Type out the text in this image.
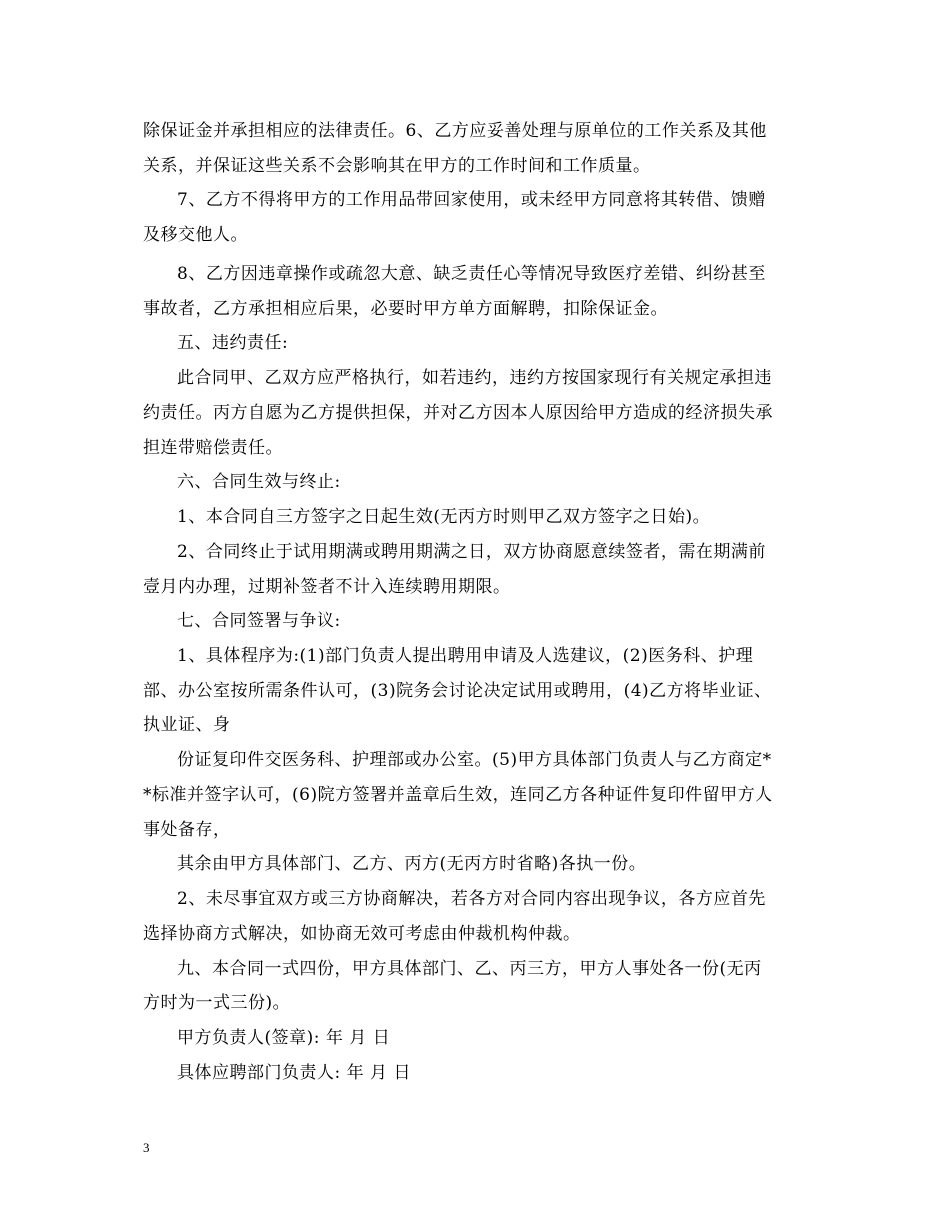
除保证金并承担相应的法律责任。6、乙方应妥善处理与原单位的工作关系及其他
关系，并保证这些关系不会影响其在甲方的工作时间和工作质量。
7、乙方不得将甲方的工作用品带回家使用，或未经甲方同意将其转借、馈赠
及移交他人。
8、乙方因违章操作或疏忽大意、缺乏责任心等情况导致医疗差错、纠纷甚至
事故者，乙方承担相应后果，必要时甲方单方面解聘，扣除保证金。
五、违约责任:
此合同甲、乙双方应严格执行，如若违约，违约方按国家现行有关规定承担违
约责任。丙方自愿为乙方提供担保，并对乙方因本人原因给甲方造成的经济损失承
担连带赔偿责任。
六、合同生效与终止:
1、本合同自三方签字之日起生效(无丙方时则甲乙双方签字之日始)。
2、合同终止于试用期满或聘用期满之日，双方协商愿意续签者，需在期满前
壹月内办理，过期补签者不计入连续聘用期限。
七、合同签署与争议:
1、具体程序为:(1)部门负责人提出聘用申请及人选建议，(2)医务科、护理
部、办公室按所需条件认可，(3)院务会讨论决定试用或聘用，(4)乙方将毕业证、
执业证、身
份证复印件交医务科、护理部或办公室。(5)甲方具体部门负责人与乙方商定*
*标准并签字认可，(6)院方签署并盖章后生效，连同乙方各种证件复印件留甲方人
事处备存，
其余由甲方具体部门、乙方、丙方(无丙方时省略)各执一份。
2、未尽事宜双方或三方协商解决，若各方对合同内容出现争议，各方应首先
选择协商方式解决，如协商无效可考虑由仲裁机构仲裁。
九、本合同一式四份，甲方具体部门、乙、丙三方，甲方人事处各一份(无丙
方时为一式三份)。
甲方负责人(签章): 年 月 日
具体应聘部门负责人: 年 月 日
3
